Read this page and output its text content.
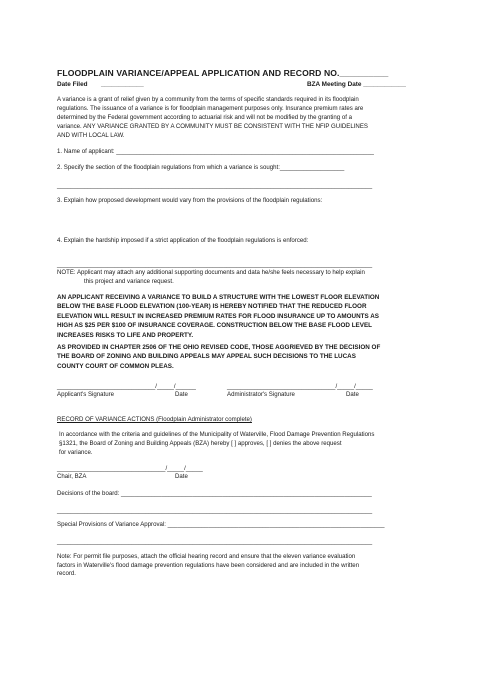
FLOODPLAIN VARIANCE/APPEAL APPLICATION AND RECORD NO.__________
Date Filed ____________	BZA Meeting Date ____________
A variance is a grant of relief given by a community from the terms of specific standards required in its floodplain
regulations. The issuance of a variance is for floodplain management purposes only. Insurance premium rates are
determined by the Federal government according to actuarial risk and will not be modified by the granting of a
variance. ANY VARIANCE GRANTED BY A COMMUNITY MUST BE CONSISTENT WITH THE NFIP GUIDELINES
AND WITH LOCAL LAW.
1. Name of applicant: ____________________________________________________________________________
2. Specify the section of the floodplain regulations from which a variance is sought:___________________
_____________________________________________________________________________________________
3. Explain how proposed development would vary from the provisions of the floodplain regulations:
4. Explain the hardship imposed if a strict application of the floodplain regulations is enforced:
_____________________________________________________________________________________________
NOTE: Applicant may attach any additional supporting documents and data he/she feels necessary to help explain
this project and variance request.
AN APPLICANT RECEIVING A VARIANCE TO BUILD A STRUCTURE WITH THE LOWEST FLOOR ELEVATION
BELOW THE BASE FLOOD ELEVATION (100-YEAR) IS HEREBY NOTIFIED THAT THE REDUCED FLOOR
ELEVATION WILL RESULT IN INCREASED PREMIUM RATES FOR FLOOD INSURANCE UP TO AMOUNTS AS
HIGH AS $25 PER $100 OF INSURANCE COVERAGE. CONSTRUCTION BELOW THE BASE FLOOD LEVEL
INCREASES RISKS TO LIFE AND PROPERTY.
AS PROVIDED IN CHAPTER 2506 OF THE OHIO REVISED CODE, THOSE AGGRIEVED BY THE DECISION OF
THE BOARD OF ZONING AND BUILDING APPEALS MAY APPEAL SUCH DECISIONS TO THE LUCAS
COUNTY COURT OF COMMON PLEAS.
_____________________________/_____/______	________________________________/_____/_____
Applicant's Signature	Date	Administrator's Signature	Date
RECORD OF VARIANCE ACTIONS (Floodplain Administrator complete)
In accordance with the criteria and guidelines of the Municipality of Waterville, Flood Damage Prevention Regulations
§1321, the Board of Zoning and Building Appeals (BZA) hereby [ ] approves, [ ] denies the above request
for variance.
________________________________/_____/_____
Chair, BZA	Date
Decisions of the board: __________________________________________________________________________
_____________________________________________________________________________________________
Special Provisions of Variance Approval: ________________________________________________________________
_____________________________________________________________________________________________
Note: For permit file purposes, attach the official hearing record and ensure that the eleven variance evaluation
factors in Waterville's flood damage prevention regulations have been considered and are included in the written
record.
